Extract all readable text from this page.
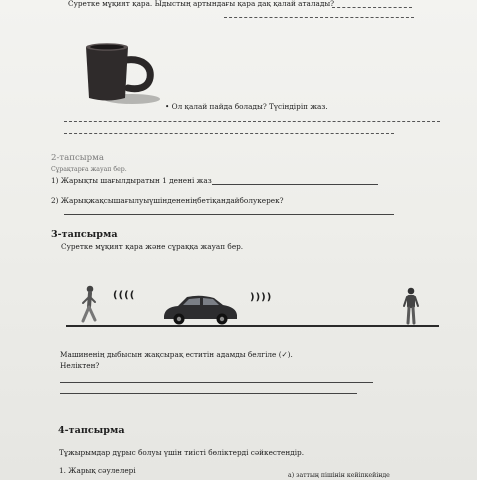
Суретке мұқият қара. Ыдыстың артындағы қара дақ қалай аталады?
• Ол қалай пайда болады? Түсіндіріп жаз.
2-тапсырма
Сұрақтарға жауап бер.
1) Жарықты шағылдыратын 1 денені жаз
2) Жарықжақсышағылуыүшіндененіңбетіқандайболукерек?
3-тапсырма
Суретке мұқият қара және сұраққа жауап бер.
((((	))))
Машиненің дыбысын жақсырақ еститін адамды белгіле (✓).
Неліктен?
4-тапсырма
Тұжырымдар дұрыс болуы үшін тиісті бөліктерді сәйкестендір.
1. Жарық сәулелері
а) заттың пішінін кейіпкейінде
